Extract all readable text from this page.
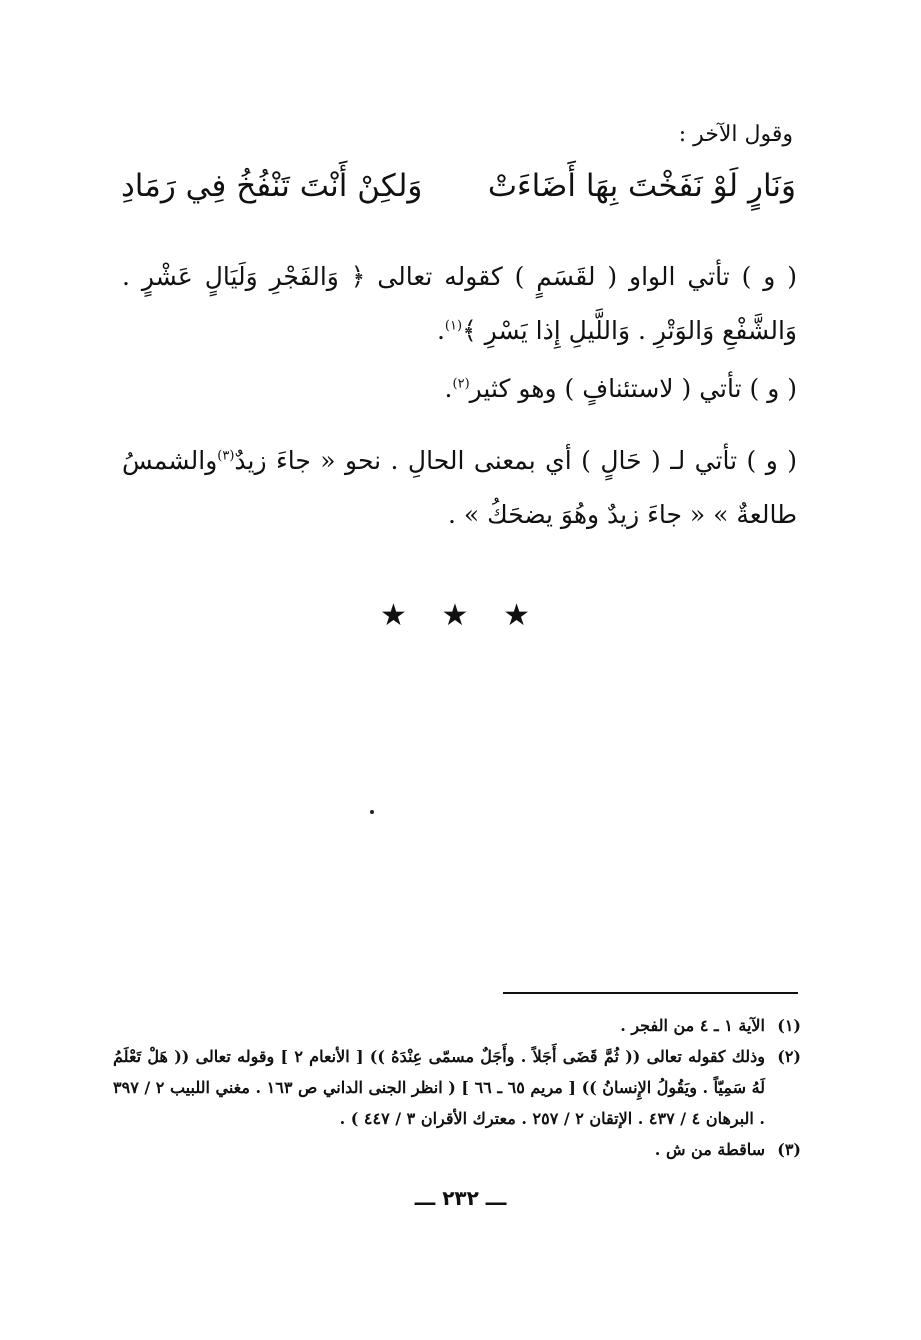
وقول الآخر :
وَنَارٍ لَوْ نَفَخْتَ بِهَا أَضَاءَتْ
وَلكِنْ أَنْتَ تَنْفُخُ فِي رَمَادِ

( و ) تأتي الواو ( لقَسَمٍ ) كقوله تعالى ﴿ وَالفَجْرِ وَلَيَالٍ عَشْرٍ . وَالشَّفْعِ وَالوَتْرِ . وَاللَّيلِ إِذا يَسْرِ ﴾$^{(١)}$.

( و ) تأتي ( لاستئنافٍ ) وهو كثير$^{(٢)}$.

( و ) تأتي لـ ( حَالٍ ) أي بمعنى الحالِ . نحو « جاءَ زيدٌ$^{(٣)}$والشمسُ طالعةٌ » « جاءَ زيدٌ وهُوَ يضحَكُ » .

★ ★ ★
(١)
الآية ١ ـ ٤ من الفجر .
(٢)
وذلك كقوله تعالى (( ثُمَّ قَضَى أَجَلاً . وأَجَلٌ مسمّى عِنْدَهُ )) [ الأنعام ٢ ] وقوله تعالى (( هَلْ تَعْلَمُ لَهُ سَمِيّاً . ويَقُولُ الإِنسانُ )) [ مريم ٦٥ ـ ٦٦ ] ( انظر الجنى الداني ص ١٦٣ . مغني اللبيب ٢ / ٣٩٧ . البرهان ٤ / ٤٣٧ . الإتقان ٢ / ٢٥٧ . معترك الأقران ٣ / ٤٤٧ ) .
(٣)
ساقطة من ش .
ـــ ٢٣٢ ـــ
